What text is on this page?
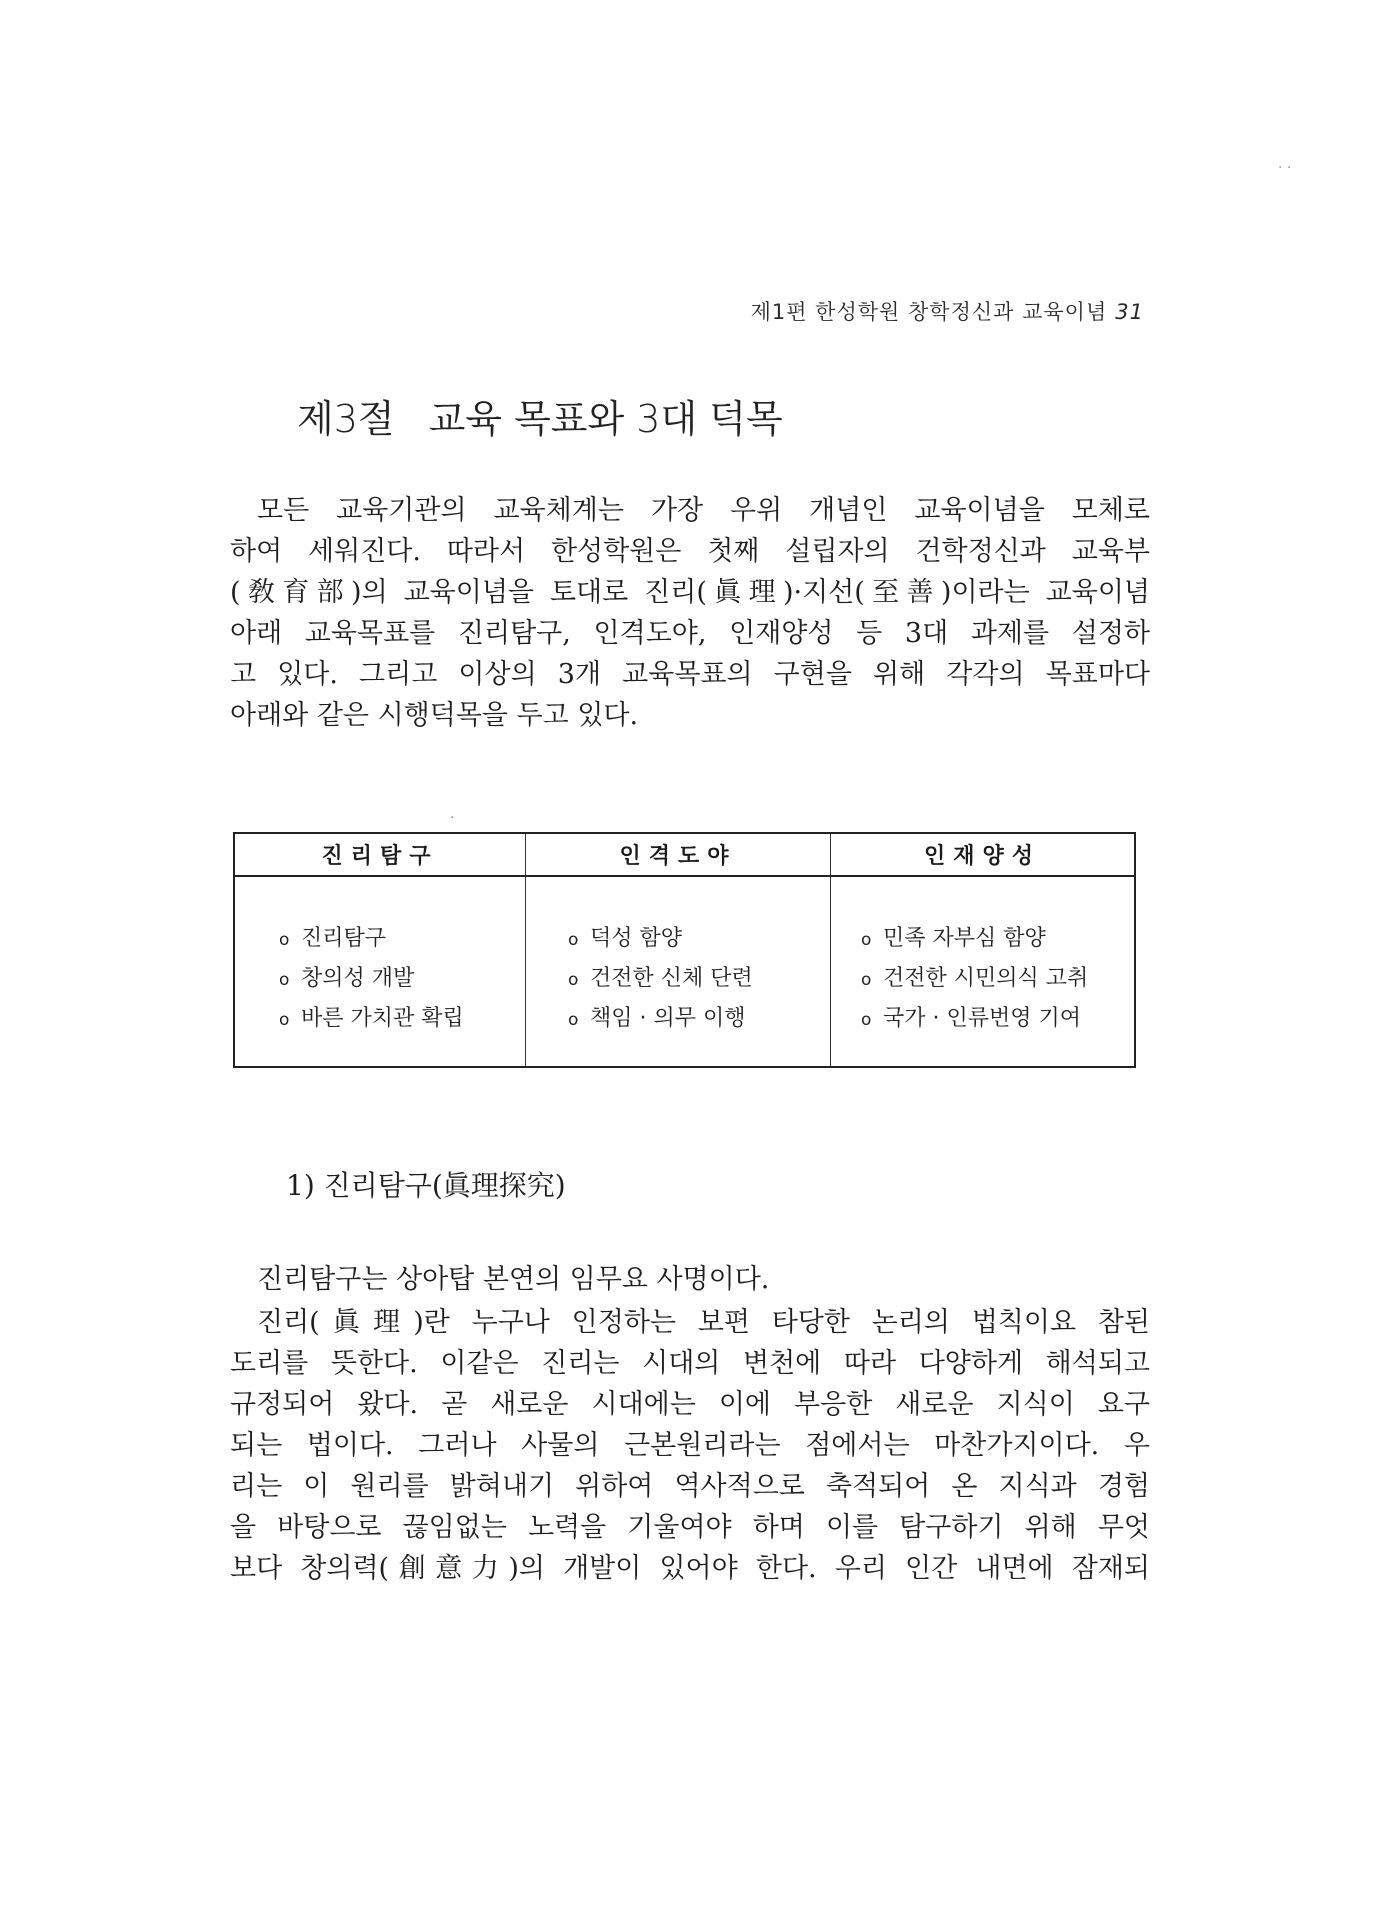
제1편 한성학원 창학정신과 교육이념 31
제3절 교육 목표와 3대 덕목
모든 교육기관의 교육체계는 가장 우위 개념인 교육이념을 모체로
하여 세워진다. 따라서 한성학원은 첫째 설립자의 건학정신과 교육부
(敎育部)의 교육이념을 토대로 진리(眞理)·지선(至善)이라는 교육이념
아래 교육목표를 진리탐구, 인격도야, 인재양성 등 3대 과제를 설정하
고 있다. 그리고 이상의 3개 교육목표의 구현을 위해 각각의 목표마다
아래와 같은 시행덕목을 두고 있다.
진리탐구
o 진리탐구
o 창의성 개발
o 바른 가치관 확립
인격도야
o 덕성 함양
o 건전한 신체 단련
o 책임 · 의무 이행
인재양성
o 민족 자부심 함양
o 건전한 시민의식 고취
o 국가 · 인류번영 기여
1) 진리탐구(眞理探究)
진리탐구는 상아탑 본연의 임무요 사명이다.
진리(眞理)란 누구나 인정하는 보편 타당한 논리의 법칙이요 참된
도리를 뜻한다. 이같은 진리는 시대의 변천에 따라 다양하게 해석되고
규정되어 왔다. 곧 새로운 시대에는 이에 부응한 새로운 지식이 요구
되는 법이다. 그러나 사물의 근본원리라는 점에서는 마찬가지이다. 우
리는 이 원리를 밝혀내기 위하여 역사적으로 축적되어 온 지식과 경험
을 바탕으로 끊임없는 노력을 기울여야 하며 이를 탐구하기 위해 무엇
보다 창의력(創意力)의 개발이 있어야 한다. 우리 인간 내면에 잠재되
· ·
·
